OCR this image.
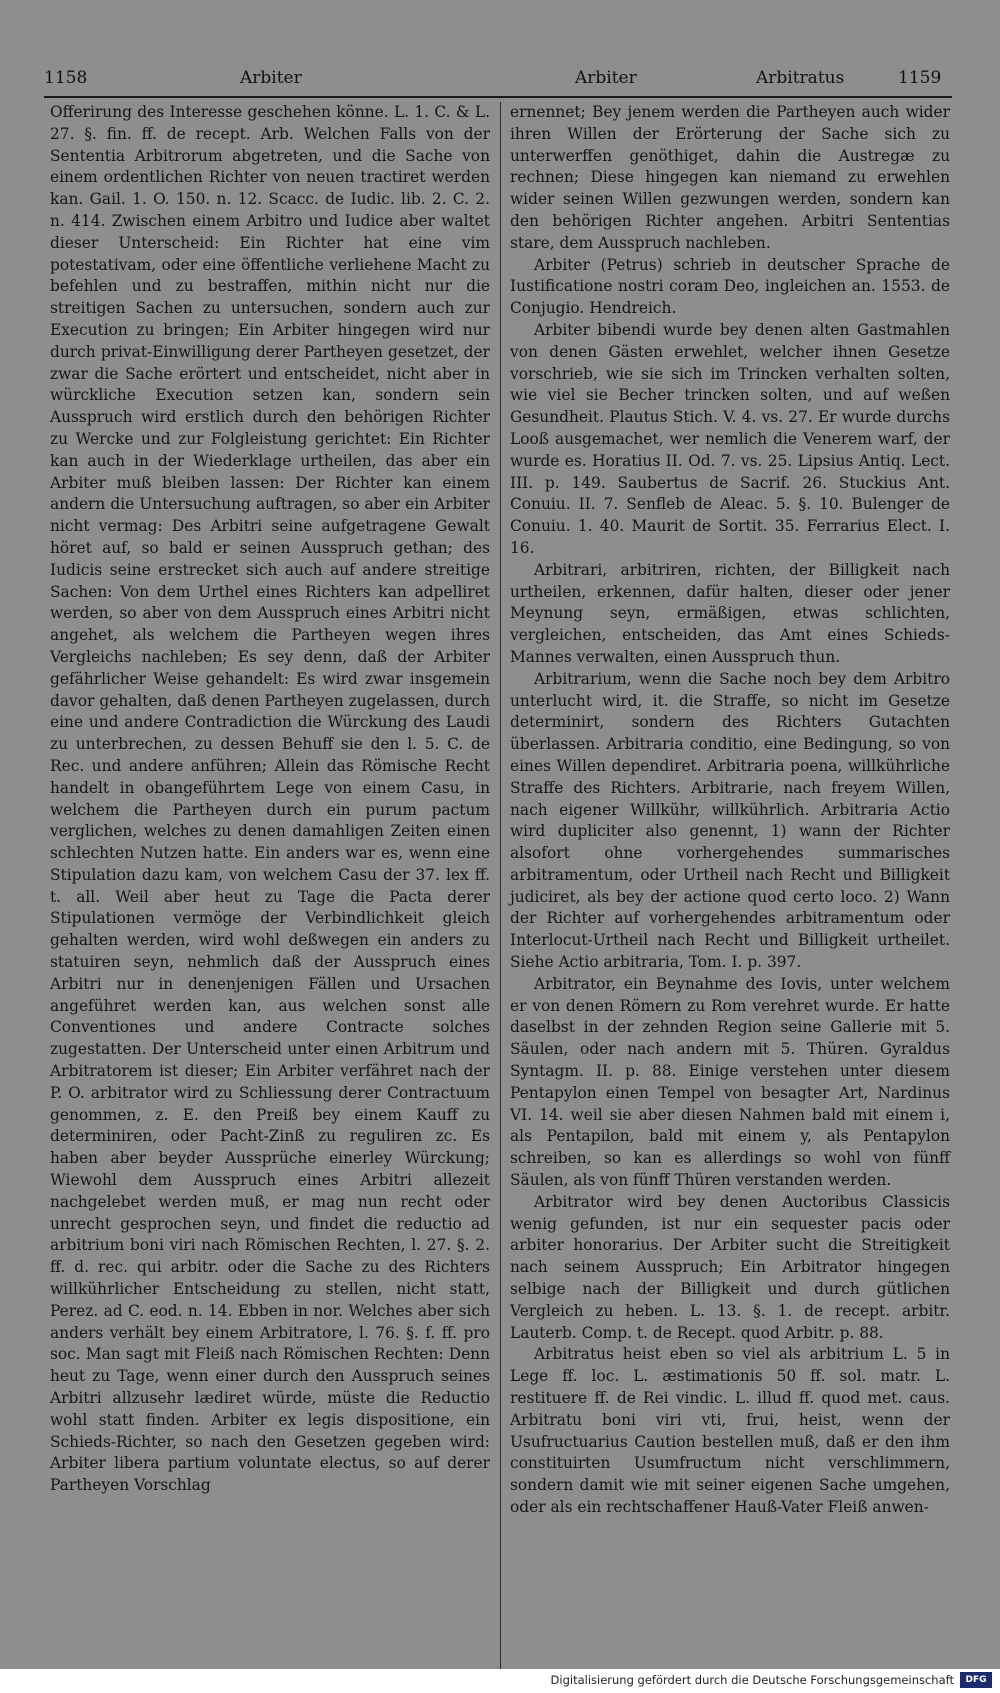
1158	Arbiter	Arbiter	Arbitratus	1159

Offerirung des Interesse geschehen könne. L. 1. C. & L. 27. §. fin. ff. de recept. Arb. Welchen Falls von der Sententia Arbitrorum abgetreten, und die Sache von einem ordentlichen Richter von neuen tractiret werden kan. Gail. 1. O. 150. n. 12. Scacc. de Iudic. lib. 2. C. 2. n. 414. Zwischen einem Arbitro und Iudice aber waltet dieser Unterscheid: Ein Richter hat eine vim potestativam, oder eine öffentliche verliehene Macht zu befehlen und zu bestraffen, mithin nicht nur die streitigen Sachen zu untersuchen, sondern auch zur Execution zu bringen; Ein Arbiter hingegen wird nur durch privat-Einwilligung derer Partheyen gesetzet, der zwar die Sache erörtert und entscheidet, nicht aber in würckliche Execution setzen kan, sondern sein Ausspruch wird erstlich durch den behörigen Richter zu Wercke und zur Folgleistung gerichtet: Ein Richter kan auch in der Wiederklage urtheilen, das aber ein Arbiter muß bleiben lassen: Der Richter kan einem andern die Untersuchung auftragen, so aber ein Arbiter nicht vermag: Des Arbitri seine aufgetragene Gewalt höret auf, so bald er seinen Ausspruch gethan; des Iudicis seine erstrecket sich auch auf andere streitige Sachen: Von dem Urthel eines Richters kan adpelliret werden, so aber von dem Ausspruch eines Arbitri nicht angehet, als welchem die Partheyen wegen ihres Vergleichs nachleben; Es sey denn, daß der Arbiter gefährlicher Weise gehandelt: Es wird zwar insgemein davor gehalten, daß denen Partheyen zugelassen, durch eine und andere Contradiction die Würckung des Laudi zu unterbrechen, zu dessen Behuff sie den l. 5. C. de Rec. und andere anführen; Allein das Römische Recht handelt in obangeführtem Lege von einem Casu, in welchem die Partheyen durch ein purum pactum verglichen, welches zu denen damahligen Zeiten einen schlechten Nutzen hatte. Ein anders war es, wenn eine Stipulation dazu kam, von welchem Casu der 37. lex ff. t. all. Weil aber heut zu Tage die Pacta derer Stipulationen vermöge der Verbindlichkeit gleich gehalten werden, wird wohl deßwegen ein anders zu statuiren seyn, nehmlich daß der Ausspruch eines Arbitri nur in denenjenigen Fällen und Ursachen angeführet werden kan, aus welchen sonst alle Conventiones und andere Contracte solches zugestatten. Der Unterscheid unter einen Arbitrum und Arbitratorem ist dieser; Ein Arbiter verfähret nach der P. O. arbitrator wird zu Schliessung derer Contractuum genommen, z. E. den Preiß bey einem Kauff zu determiniren, oder Pacht-Zinß zu reguliren zc. Es haben aber beyder Aussprüche einerley Würckung; Wiewohl dem Ausspruch eines Arbitri allezeit nachgelebet werden muß, er mag nun recht oder unrecht gesprochen seyn, und findet die reductio ad arbitrium boni viri nach Römischen Rechten, l. 27. §. 2. ff. d. rec. qui arbitr. oder die Sache zu des Richters willkührlicher Entscheidung zu stellen, nicht statt, Perez. ad C. eod. n. 14. Ebben in nor. Welches aber sich anders verhält bey einem Arbitratore, l. 76. §. f. ff. pro soc. Man sagt mit Fleiß nach Römischen Rechten: Denn heut zu Tage, wenn einer durch den Ausspruch seines Arbitri allzusehr lædiret würde, müste die Reductio wohl statt finden. Arbiter ex legis dispositione, ein Schieds-Richter, so nach den Gesetzen gegeben wird: Arbiter libera partium voluntate electus, so auf derer Partheyen Vorschlag

ernennet; Bey jenem werden die Partheyen auch wider ihren Willen der Erörterung der Sache sich zu unterwerffen genöthiget, dahin die Austregæ zu rechnen; Diese hingegen kan niemand zu erwehlen wider seinen Willen gezwungen werden, sondern kan den behörigen Richter angehen. Arbitri Sententias stare, dem Ausspruch nachleben.

Arbiter (Petrus) schrieb in deutscher Sprache de Iustificatione nostri coram Deo, ingleichen an. 1553. de Conjugio. Hendreich.

Arbiter bibendi wurde bey denen alten Gastmahlen von denen Gästen erwehlet, welcher ihnen Gesetze vorschrieb, wie sie sich im Trincken verhalten solten, wie viel sie Becher trincken solten, und auf weßen Gesundheit. Plautus Stich. V. 4. vs. 27. Er wurde durchs Looß ausgemachet, wer nemlich die Venerem warf, der wurde es. Horatius II. Od. 7. vs. 25. Lipsius Antiq. Lect. III. p. 149. Saubertus de Sacrif. 26. Stuckius Ant. Conuiu. II. 7. Senfleb de Aleac. 5. §. 10. Bulenger de Conuiu. 1. 40. Maurit de Sortit. 35. Ferrarius Elect. I. 16.

Arbitrari, arbitriren, richten, der Billigkeit nach urtheilen, erkennen, dafür halten, dieser oder jener Meynung seyn, ermäßigen, etwas schlichten, vergleichen, entscheiden, das Amt eines Schieds-Mannes verwalten, einen Ausspruch thun.

Arbitrarium, wenn die Sache noch bey dem Arbitro unterlucht wird, it. die Straffe, so nicht im Gesetze determinirt, sondern des Richters Gutachten überlassen. Arbitraria conditio, eine Bedingung, so von eines Willen dependiret. Arbitraria poena, willkührliche Straffe des Richters. Arbitrarie, nach freyem Willen, nach eigener Willkühr, willkührlich. Arbitraria Actio wird dupliciter also genennt, 1) wann der Richter alsofort ohne vorhergehendes summarisches arbitramentum, oder Urtheil nach Recht und Billigkeit judiciret, als bey der actione quod certo loco. 2) Wann der Richter auf vorhergehendes arbitramentum oder Interlocut-Urtheil nach Recht und Billigkeit urtheilet. Siehe Actio arbitraria, Tom. I. p. 397.

Arbitrator, ein Beynahme des Iovis, unter welchem er von denen Römern zu Rom verehret wurde. Er hatte daselbst in der zehnden Region seine Gallerie mit 5. Säulen, oder nach andern mit 5. Thüren. Gyraldus Syntagm. II. p. 88. Einige verstehen unter diesem Pentapylon einen Tempel von besagter Art, Nardinus VI. 14. weil sie aber diesen Nahmen bald mit einem i, als Pentapilon, bald mit einem y, als Pentapylon schreiben, so kan es allerdings so wohl von fünff Säulen, als von fünff Thüren verstanden werden.

Arbitrator wird bey denen Auctoribus Classicis wenig gefunden, ist nur ein sequester pacis oder arbiter honorarius. Der Arbiter sucht die Streitigkeit nach seinem Ausspruch; Ein Arbitrator hingegen selbige nach der Billigkeit und durch gütlichen Vergleich zu heben. L. 13. §. 1. de recept. arbitr. Lauterb. Comp. t. de Recept. quod Arbitr. p. 88.

Arbitratus heist eben so viel als arbitrium L. 5 in Lege ff. loc. L. æstimationis 50 ff. sol. matr. L. restituere ff. de Rei vindic. L. illud ff. quod met. caus. Arbitratu boni viri vti, frui, heist, wenn der Usufructuarius Caution bestellen muß, daß er den ihm constituirten Usumfructum nicht verschlimmern, sondern damit wie mit seiner eigenen Sache umgehen, oder als ein rechtschaffener Hauß-Vater Fleiß anwen-

Digitalisierung gefördert durch die Deutsche Forschungsgemeinschaft	DFG
